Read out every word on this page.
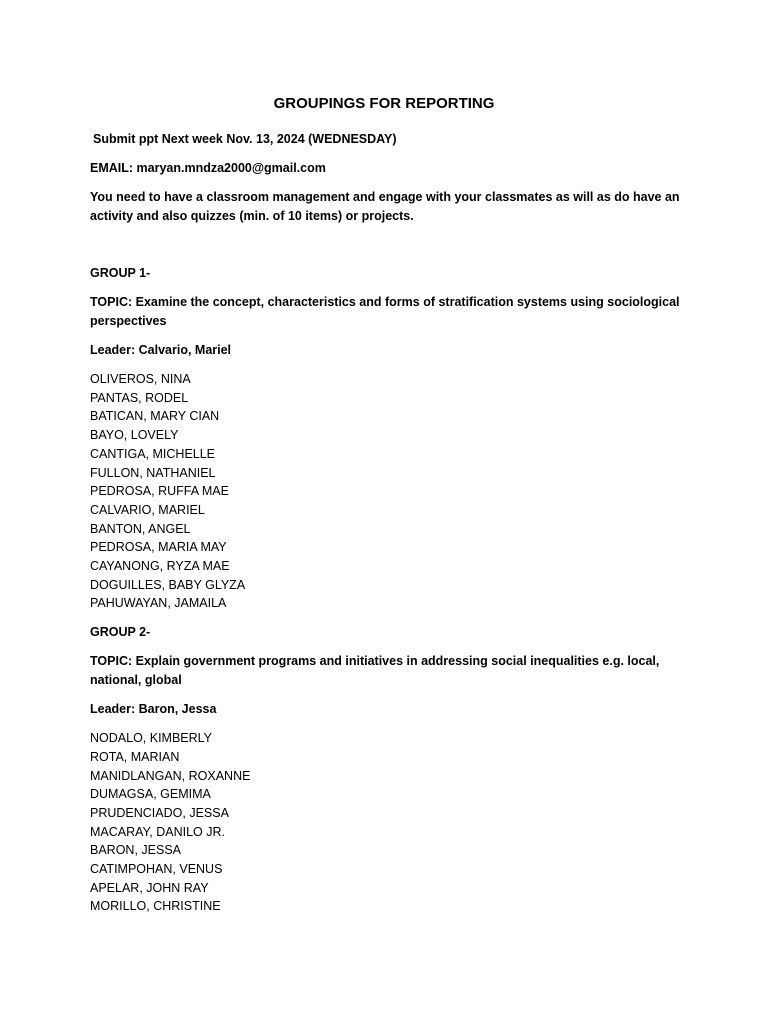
GROUPINGS FOR REPORTING

Submit ppt Next week Nov. 13, 2024 (WEDNESDAY)

EMAIL: maryan.mndza2000@gmail.com

You need to have a classroom management and engage with your classmates as will as do have an activity and also quizzes (min. of 10 items) or projects.

GROUP 1-

TOPIC: Examine the concept, characteristics and forms of stratification systems using sociological perspectives

Leader: Calvario, Mariel

OLIVEROS, NINA
PANTAS, RODEL
BATICAN, MARY CIAN
BAYO, LOVELY
CANTIGA, MICHELLE
FULLON, NATHANIEL
PEDROSA, RUFFA MAE
CALVARIO, MARIEL
BANTON, ANGEL
PEDROSA, MARIA MAY
CAYANONG, RYZA MAE
DOGUILLES, BABY GLYZA
PAHUWAYAN, JAMAILA

GROUP 2-

TOPIC: Explain government programs and initiatives in addressing social inequalities e.g. local, national, global

Leader: Baron, Jessa

NODALO, KIMBERLY
ROTA, MARIAN
MANIDLANGAN, ROXANNE
DUMAGSA, GEMIMA
PRUDENCIADO, JESSA
MACARAY, DANILO JR.
BARON, JESSA
CATIMPOHAN, VENUS
APELAR, JOHN RAY
MORILLO, CHRISTINE
